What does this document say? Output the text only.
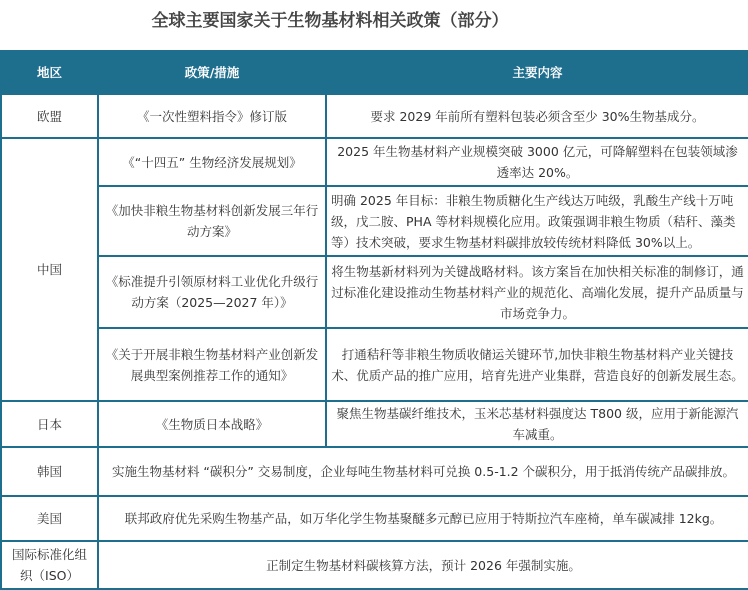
全球主要国家关于生物基材料相关政策（部分）
地区	政策/措施	主要内容
欧盟	《一次性塑料指令》修订版	要求 2029 年前所有塑料包装必须含至少 30%生物基成分。
中国	《“十四五” 生物经济发展规划》	2025 年生物基材料产业规模突破 3000 亿元，可降解塑料在包装领域渗透率达 20%。
	《加快非粮生物基材料创新发展三年行动方案》	明确 2025 年目标：非粮生物质糖化生产线达万吨级，乳酸生产线十万吨级，戊二胺、PHA 等材料规模化应用。政策强调非粮生物质（秸秆、藻类等）技术突破，要求生物基材料碳排放较传统材料降低 30%以上。
	《标准提升引领原材料工业优化升级行动方案（2025—2027 年）》	将生物基新材料列为关键战略材料。该方案旨在加快相关标准的制修订，通过标准化建设推动生物基材料产业的规范化、高端化发展，提升产品质量与市场竞争力。
	《关于开展非粮生物基材料产业创新发展典型案例推荐工作的通知》	打通秸秆等非粮生物质收储运关键环节,加快非粮生物基材料产业关键技术、优质产品的推广应用，培育先进产业集群，营造良好的创新发展生态。
日本	《生物质日本战略》	聚焦生物基碳纤维技术，玉米芯基材料强度达 T800 级，应用于新能源汽车减重。
韩国	实施生物基材料 “碳积分” 交易制度，企业每吨生物基材料可兑换 0.5-1.2 个碳积分，用于抵消传统产品碳排放。	
美国	联邦政府优先采购生物基产品，如万华化学生物基聚醚多元醇已应用于特斯拉汽车座椅，单车碳减排 12kg。	
国际标准化组织（ISO）	正制定生物基材料碳核算方法，预计 2026 年强制实施。	
